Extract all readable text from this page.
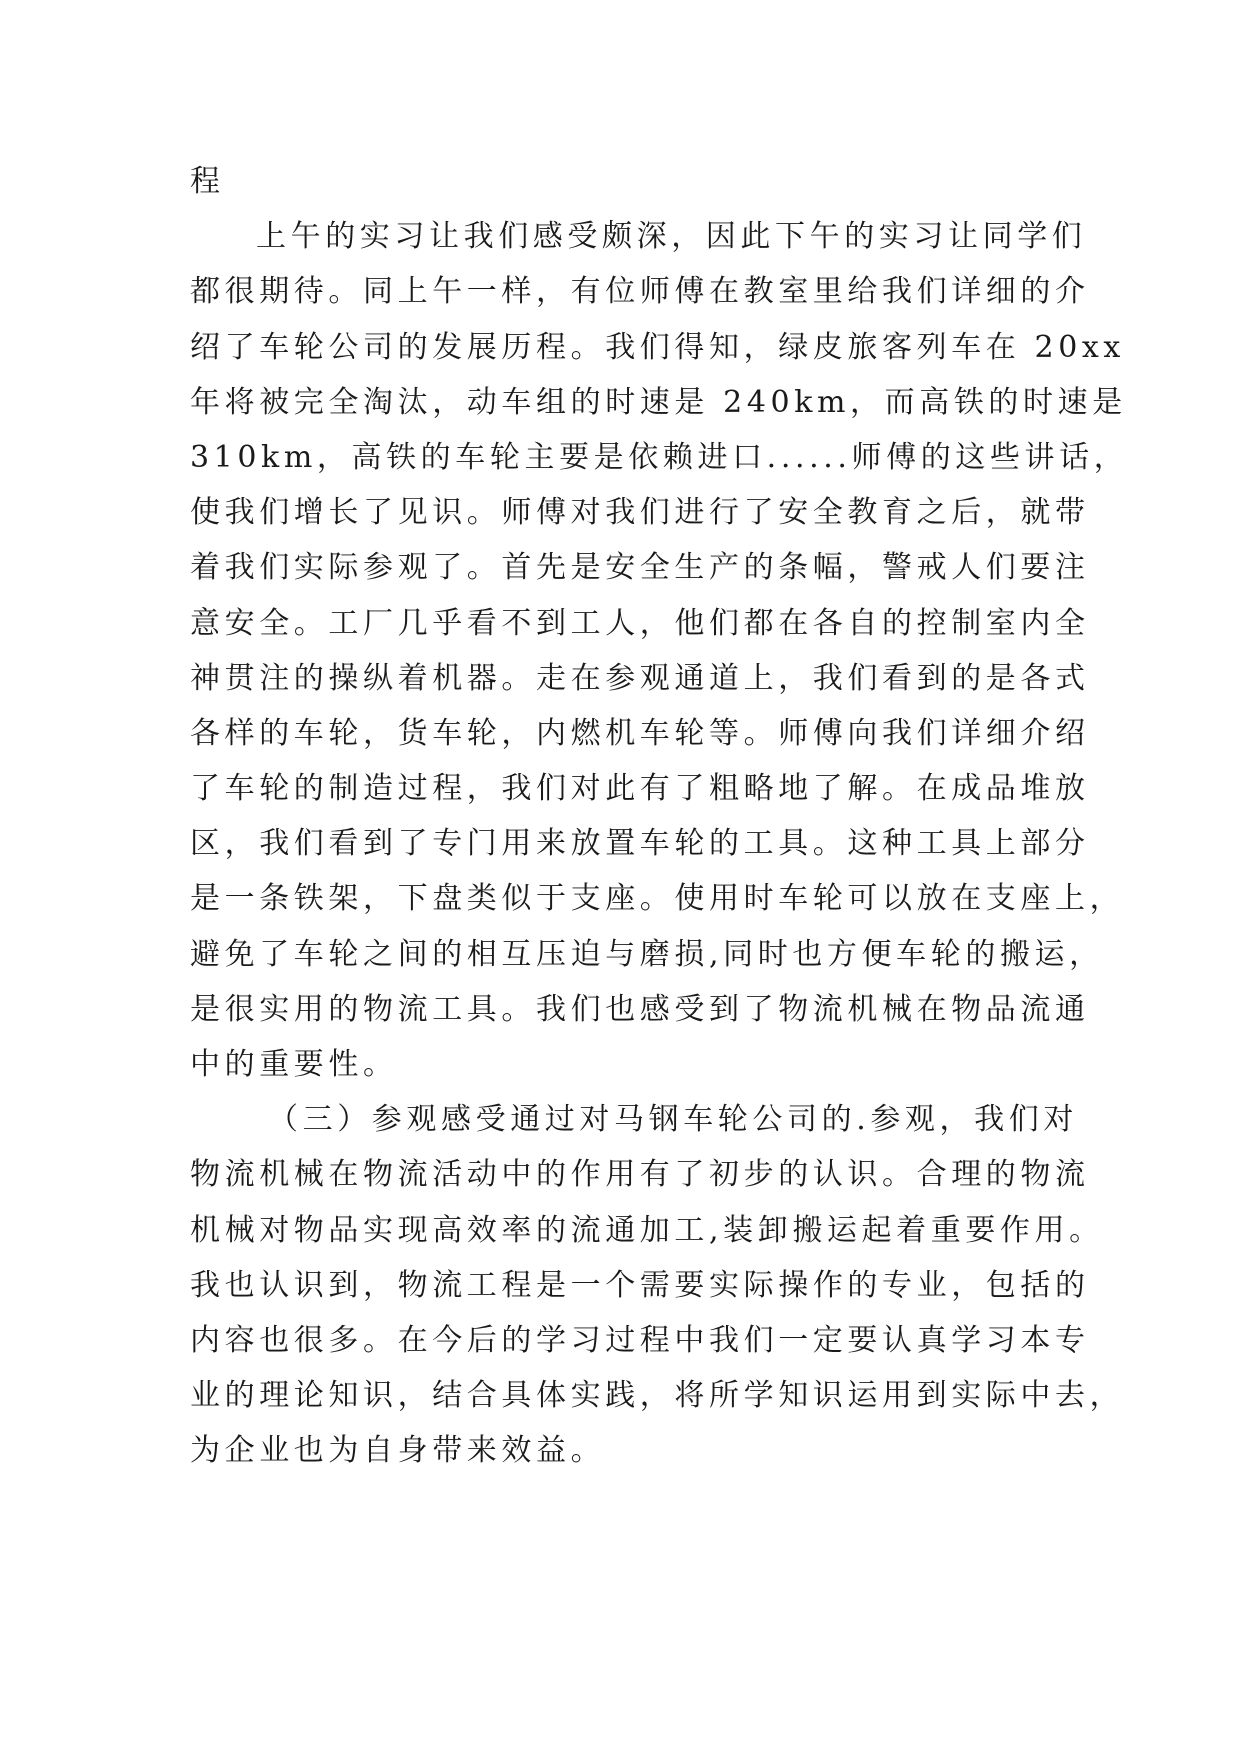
程
上午的实习让我们感受颇深，因此下午的实习让同学们
都很期待。同上午一样，有位师傅在教室里给我们详细的介
绍了车轮公司的发展历程。我们得知，绿皮旅客列车在 20xx
年将被完全淘汰，动车组的时速是 240km，而高铁的时速是
310km，高铁的车轮主要是依赖进口......师傅的这些讲话，
使我们增长了见识。师傅对我们进行了安全教育之后，就带
着我们实际参观了。首先是安全生产的条幅，警戒人们要注
意安全。工厂几乎看不到工人，他们都在各自的控制室内全
神贯注的操纵着机器。走在参观通道上，我们看到的是各式
各样的车轮，货车轮，内燃机车轮等。师傅向我们详细介绍
了车轮的制造过程，我们对此有了粗略地了解。在成品堆放
区，我们看到了专门用来放置车轮的工具。这种工具上部分
是一条铁架，下盘类似于支座。使用时车轮可以放在支座上，
避免了车轮之间的相互压迫与磨损,同时也方便车轮的搬运，
是很实用的物流工具。我们也感受到了物流机械在物品流通
中的重要性。
（三）参观感受通过对马钢车轮公司的.参观，我们对
物流机械在物流活动中的作用有了初步的认识。合理的物流
机械对物品实现高效率的流通加工,装卸搬运起着重要作用。
我也认识到，物流工程是一个需要实际操作的专业，包括的
内容也很多。在今后的学习过程中我们一定要认真学习本专
业的理论知识，结合具体实践，将所学知识运用到实际中去，
为企业也为自身带来效益。
